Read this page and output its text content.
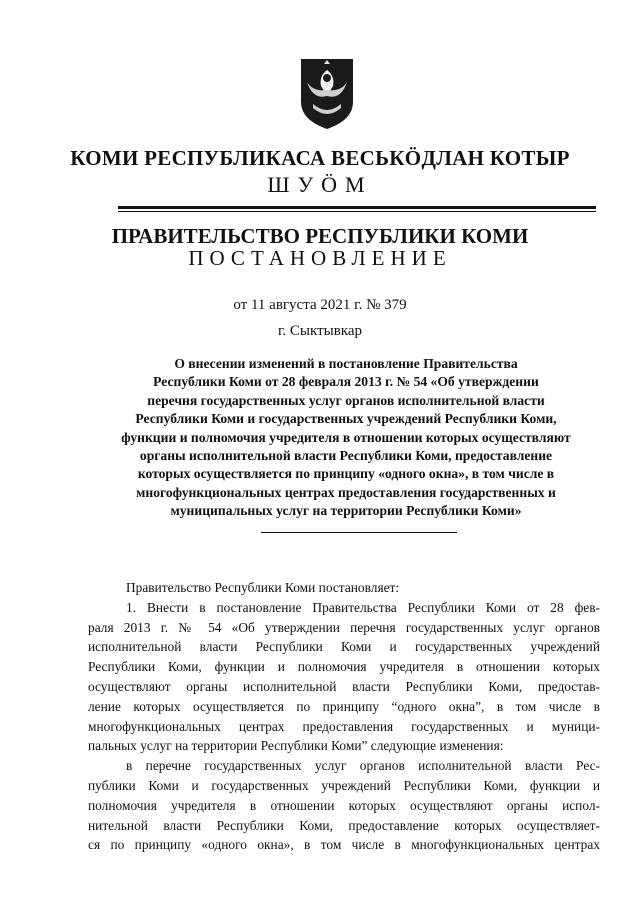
КОМИ РЕСПУБЛИКАСА ВЕСЬКӦДЛАН КОТЫР
ШУӦМ
ПРАВИТЕЛЬСТВО РЕСПУБЛИКИ КОМИ
ПОСТАНОВЛЕНИЕ
от 11 августа 2021 г. № 379
г. Сыктывкар
О внесении изменений в постановление Правительства
Республики Коми от 28 февраля 2013 г. № 54 «Об утверждении
перечня государственных услуг органов исполнительной власти
Республики Коми и государственных учреждений Республики Коми,
функции и полномочия учредителя в отношении которых осуществляют
органы исполнительной власти Республики Коми, предоставление
которых осуществляется по принципу «одного окна», в том числе в
многофункциональных центрах предоставления государственных и
муниципальных услуг на территории Республики Коми»
Правительство Республики Коми постановляет:
1. Внести в постановление Правительства Республики Коми от 28 фев-
раля 2013 г. № 54 «Об утверждении перечня государственных услуг органов
исполнительной власти Республики Коми и государственных учреждений
Республики Коми, функции и полномочия учредителя в отношении которых
осуществляют органы исполнительной власти Республики Коми, предостав-
ление которых осуществляется по принципу “одного окна”, в том числе в
многофункциональных центрах предоставления государственных и муници-
пальных услуг на территории Республики Коми” следующие изменения:
в перечне государственных услуг органов исполнительной власти Рес-
публики Коми и государственных учреждений Республики Коми, функции и
полномочия учредителя в отношении которых осуществляют органы испол-
нительной власти Республики Коми, предоставление которых осуществляет-
ся по принципу «одного окна», в том числе в многофункциональных центрах
